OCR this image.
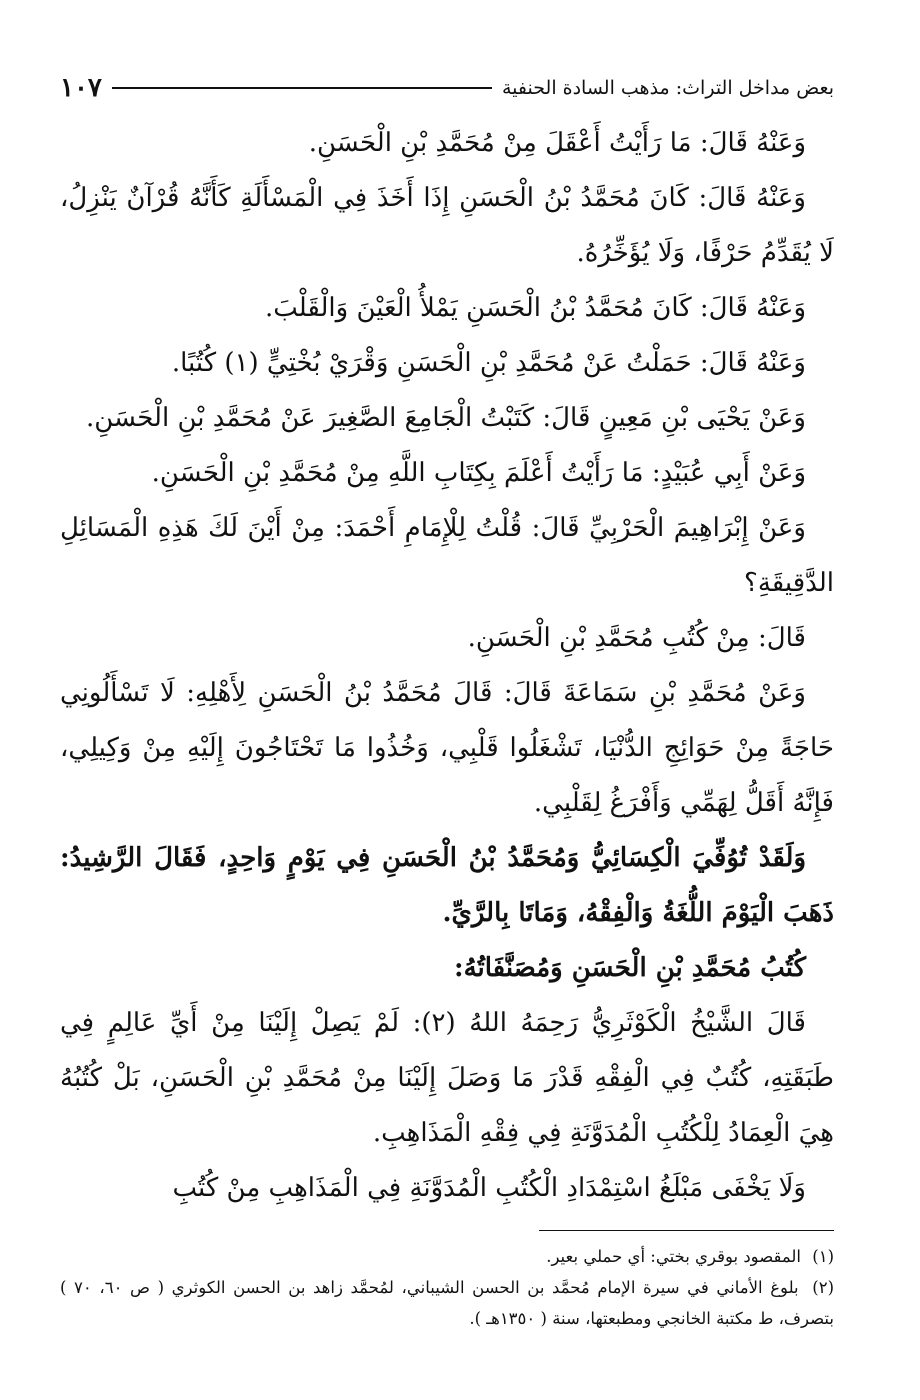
بعض مداخل التراث: مذهب السادة الحنفية
١٠٧

وَعَنْهُ قَالَ: مَا رَأَيْتُ أَعْقَلَ مِنْ مُحَمَّدِ بْنِ الْحَسَنِ.

وَعَنْهُ قَالَ: كَانَ مُحَمَّدُ بْنُ الْحَسَنِ إِذَا أَخَذَ فِي الْمَسْأَلَةِ كَأَنَّهُ قُرْآنٌ يَنْزِلُ، لَا يُقَدِّمُ حَرْفًا، وَلَا يُؤَخِّرُهُ.

وَعَنْهُ قَالَ: كَانَ مُحَمَّدُ بْنُ الْحَسَنِ يَمْلأُ الْعَيْنَ وَالْقَلْبَ.

وَعَنْهُ قَالَ: حَمَلْتُ عَنْ مُحَمَّدِ بْنِ الْحَسَنِ وَقْرَيْ بُخْتِيٍّ (١) كُتُبًا.

وَعَنْ يَحْيَى بْنِ مَعِينٍ قَالَ: كَتَبْتُ الْجَامِعَ الصَّغِيرَ عَنْ مُحَمَّدِ بْنِ الْحَسَنِ.

وَعَنْ أَبِي عُبَيْدٍ: مَا رَأَيْتُ أَعْلَمَ بِكِتَابِ اللَّهِ مِنْ مُحَمَّدِ بْنِ الْحَسَنِ.

وَعَنْ إِبْرَاهِيمَ الْحَرْبِيِّ قَالَ: قُلْتُ لِلْإِمَامِ أَحْمَدَ: مِنْ أَيْنَ لَكَ هَذِهِ الْمَسَائِلِ الدَّقِيقَةِ؟

قَالَ: مِنْ كُتُبِ مُحَمَّدِ بْنِ الْحَسَنِ.

وَعَنْ مُحَمَّدِ بْنِ سَمَاعَةَ قَالَ: قَالَ مُحَمَّدُ بْنُ الْحَسَنِ لِأَهْلِهِ: لَا تَسْأَلُونِي حَاجَةً مِنْ حَوَائِجِ الدُّنْيَا، تَشْغَلُوا قَلْبِي، وَخُذُوا مَا تَحْتَاجُونَ إِلَيْهِ مِنْ وَكِيلِي، فَإِنَّهُ أَقَلُّ لِهَمِّي وَأَفْرَغُ لِقَلْبِي.

وَلَقَدْ تُوُفِّيَ الْكِسَائِيُّ وَمُحَمَّدُ بْنُ الْحَسَنِ فِي يَوْمٍ وَاحِدٍ، فَقَالَ الرَّشِيدُ: ذَهَبَ الْيَوْمَ اللُّغَةُ وَالْفِقْهُ، وَمَاتَا بِالرَّيِّ.

كُتُبُ مُحَمَّدِ بْنِ الْحَسَنِ وَمُصَنَّفَاتُهُ:

قَالَ الشَّيْخُ الْكَوْثَرِيُّ رَحِمَهُ اللهُ (٢): لَمْ يَصِلْ إِلَيْنَا مِنْ أَيِّ عَالِمٍ فِي طَبَقَتِهِ، كُتُبٌ فِي الْفِقْهِ قَدْرَ مَا وَصَلَ إِلَيْنَا مِنْ مُحَمَّدِ بْنِ الْحَسَنِ، بَلْ كُتُبُهُ هِيَ الْعِمَادُ لِلْكُتُبِ الْمُدَوَّنَةِ فِي فِقْهِ الْمَذَاهِبِ.

وَلَا يَخْفَى مَبْلَغُ اسْتِمْدَادِ الْكُتُبِ الْمُدَوَّنَةِ فِي الْمَذَاهِبِ مِنْ كُتُبِ

(١) المقصود بوقري بختي: أي حملي بعير.

(٢) بلوغ الأماني في سيرة الإمام مُحمَّد بن الحسن الشيباني، لمُحمَّد زاهد بن الحسن الكوثري ( ص ٦٠، ٧٠ ) بتصرف، ط مكتبة الخانجي ومطبعتها، سنة ( ١٣٥٠هـ ).
